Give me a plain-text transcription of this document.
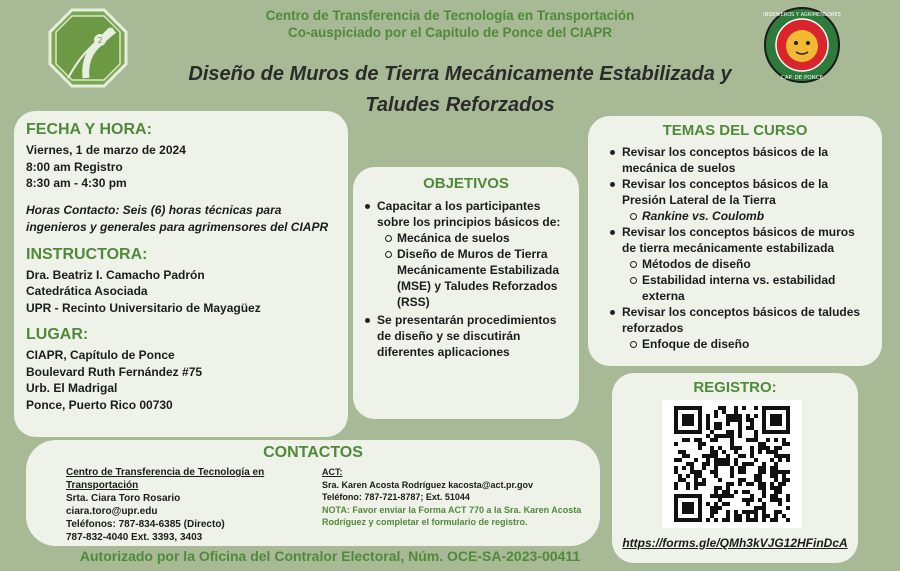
Centro de Transferencia de Tecnología en Transportación
Co-auspiciado por el Capítulo de Ponce del CIAPR
Diseño de Muros de Tierra Mecánicamente Estabilizada y
Taludes Reforzados
2
INGENIEROS Y AGRIMENSORES
CAP. DE PONCE
FECHA Y HORA:
Viernes, 1 de marzo de 2024
8:00 am Registro
8:30 am - 4:30 pm
Horas Contacto: Seis (6) horas técnicas para ingenieros y generales para agrimensores del CIAPR
INSTRUCTORA:
Dra. Beatriz I. Camacho Padrón
Catedrática Asociada
UPR - Recinto Universitario de Mayagüez
LUGAR:
CIAPR, Capítulo de Ponce
Boulevard Ruth Fernández #75
Urb. El Madrigal
Ponce, Puerto Rico 00730
OBJETIVOS
Capacitar a los participantes sobre los principios básicos de:
Mecánica de suelos
Diseño de Muros de Tierra Mecánicamente Estabilizada (MSE) y Taludes Reforzados (RSS)
Se presentarán procedimientos de diseño y se discutirán diferentes aplicaciones
TEMAS DEL CURSO
Revisar los conceptos básicos de la mecánica de suelos
Revisar los conceptos básicos de la Presión Lateral de la Tierra
Rankine vs. Coulomb
Revisar los conceptos básicos de muros de tierra mecánicamente estabilizada
Métodos de diseño
Estabilidad interna vs. estabilidad externa
Revisar los conceptos básicos de taludes reforzados
Enfoque de diseño
REGISTRO:
https://forms.gle/QMh3kVJG12HFinDcA
CONTACTOS
Centro de Transferencia de Tecnología en Transportación
Srta. Ciara Toro Rosario
ciara.toro@upr.edu
Teléfonos: 787-834-6385 (Directo)
787-832-4040 Ext. 3393, 3403
ACT:
Sra. Karen Acosta Rodríguez kacosta@act.pr.gov
Teléfono: 787-721-8787; Ext. 51044
NOTA: Favor enviar la Forma ACT 770 a la Sra. Karen Acosta Rodríguez y completar el formulario de registro.
Autorizado por la Oficina del Contralor Electoral, Núm. OCE-SA-2023-00411
